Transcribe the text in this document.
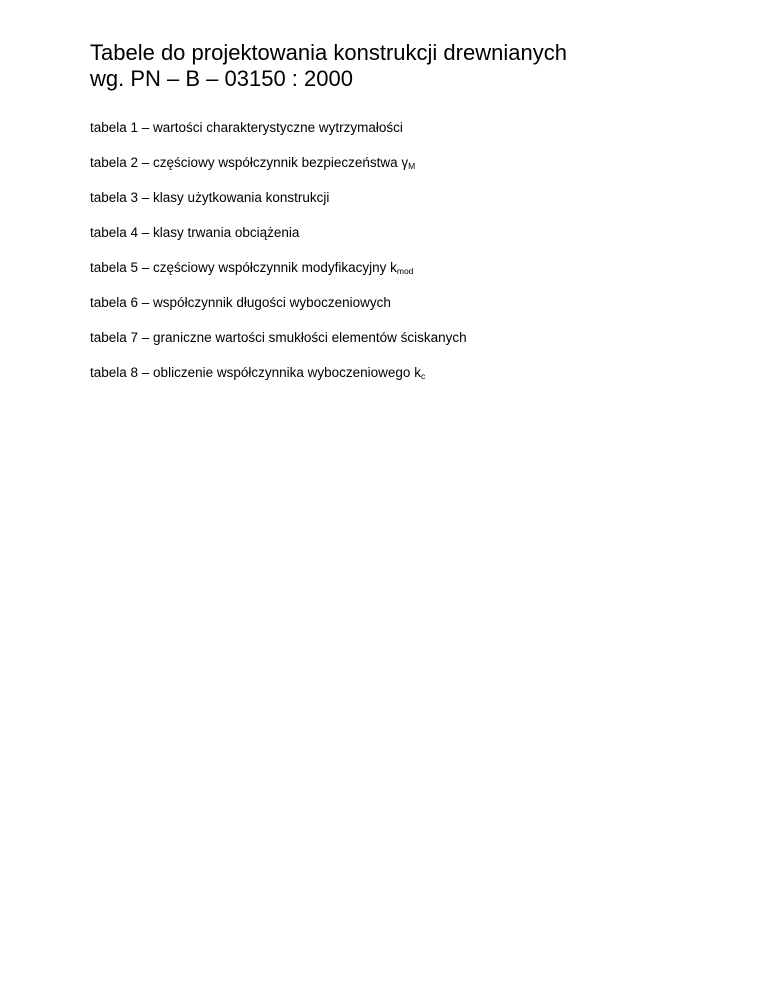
Tabele do projektowania konstrukcji drewnianych
wg. PN – B – 03150 : 2000
tabela 1 – wartości charakterystyczne wytrzymałości
tabela 2 – częściowy współczynnik bezpieczeństwa $\gamma_M$
tabela 3 – klasy użytkowania konstrukcji
tabela 4 – klasy trwania obciążenia
tabela 5 – częściowy współczynnik modyfikacyjny $k_{mod}$
tabela 6 – współczynnik długości wyboczeniowych
tabela 7 – graniczne wartości smukłości elementów ściskanych
tabela 8 – obliczenie współczynnika wyboczeniowego $k_c$
